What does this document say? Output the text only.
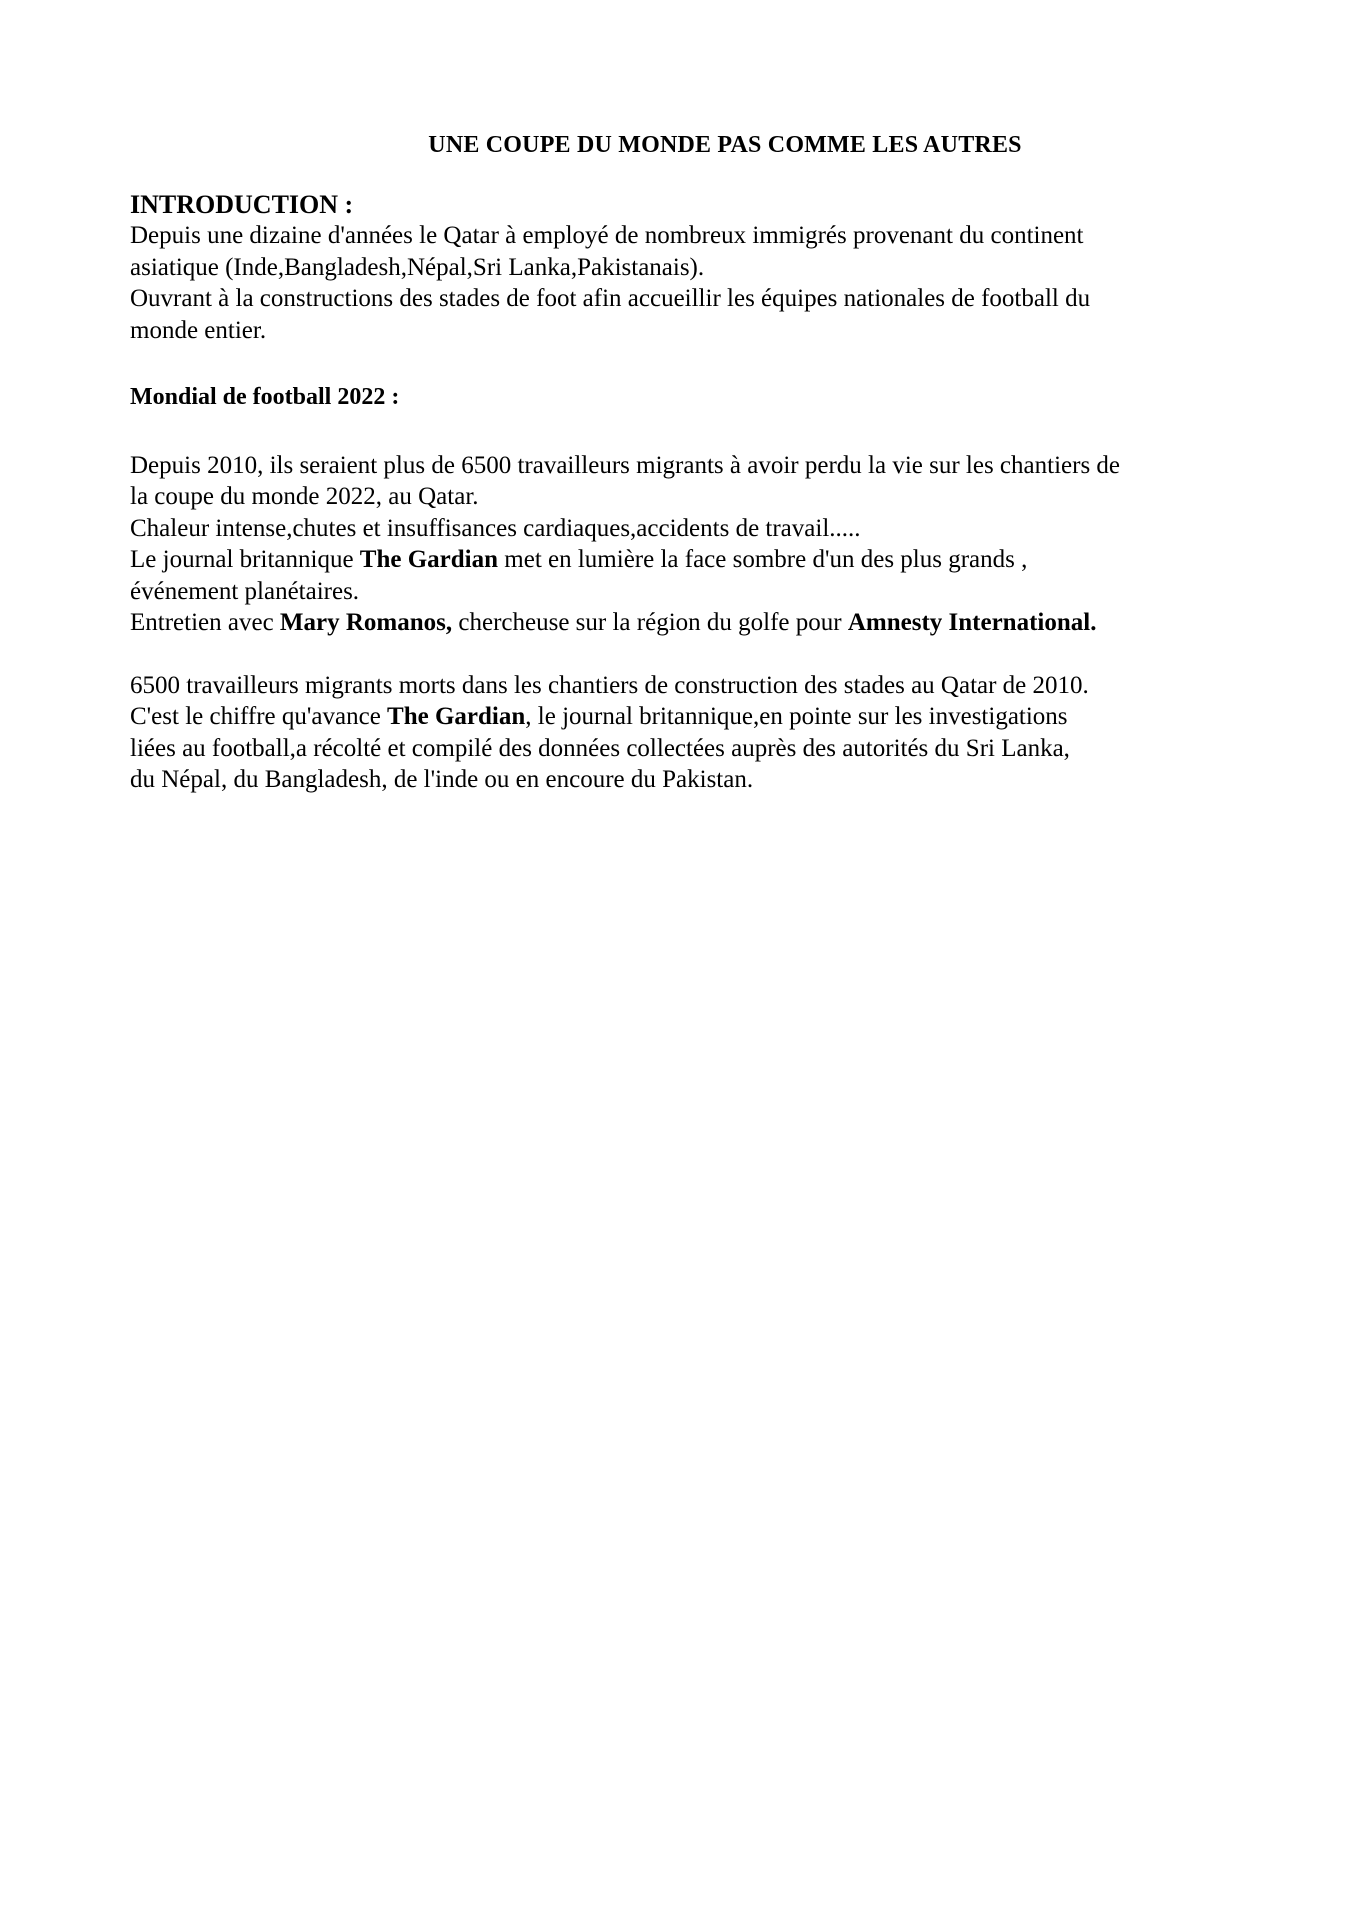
UNE COUPE DU MONDE PAS COMME LES AUTRES

INTRODUCTION :

Depuis une dizaine d'années le Qatar à employé de nombreux immigrés provenant du continent

asiatique (Inde,Bangladesh,Népal,Sri Lanka,Pakistanais).

Ouvrant à la constructions des stades de foot afin accueillir les équipes nationales de football du

monde entier.

Mondial de football 2022 :

Depuis 2010, ils seraient plus de 6500 travailleurs migrants à avoir perdu la vie sur les chantiers de

la coupe du monde 2022, au Qatar.

Chaleur intense,chutes et insuffisances cardiaques,accidents de travail.....

Le journal britannique The Gardian met en lumière la face sombre d'un des plus grands ,

événement planétaires.

Entretien avec Mary Romanos, chercheuse sur la région du golfe pour Amnesty International.

6500 travailleurs migrants morts dans les chantiers de construction des stades au Qatar de 2010.

C'est le chiffre qu'avance The Gardian, le journal britannique,en pointe sur les investigations

liées au football,a récolté et compilé des données collectées auprès des autorités du Sri Lanka,

du Népal, du Bangladesh, de l'inde ou en encoure du Pakistan.
